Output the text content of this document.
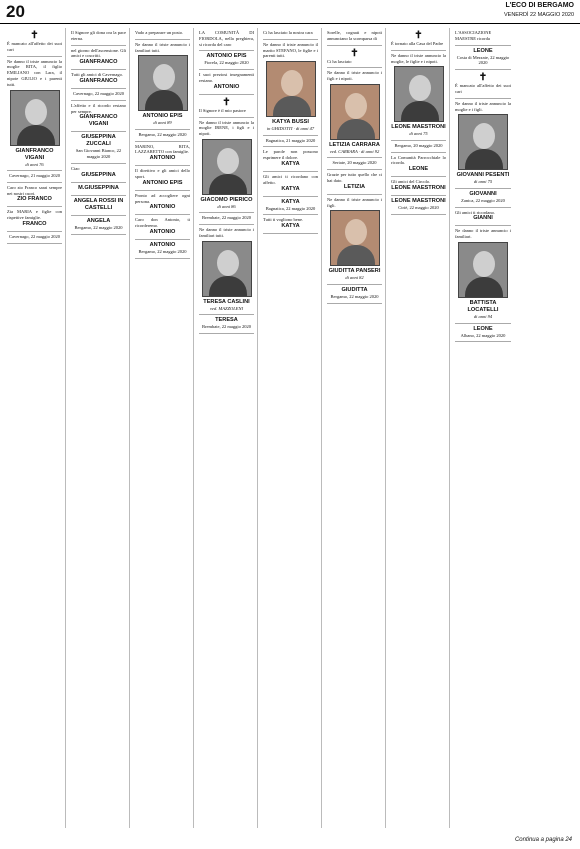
20	L'ECO DI BERGAMO
VENERDÌ 22 MAGGIO 2020
✝
È mancato all'affetto dei suoi cari
Ne danno il triste annuncio la moglie RITA, il figlio EMILIANO con Lara, il nipote GIULIO e i parenti tutti.
GIANFRANCO VIGANI
di anni 76
Cavernago, 21 maggio 2020
Caro zio Franco sarai sempre nei nostri cuori.
ZIO FRANCO
Zia MARIA e figlie con rispettive famiglie.
FRANCO
Cavernago, 22 maggio 2020
Il Signore gli dona ora la pace eterna.
nel giorno dell'ascensione. Gli amici e coscritti.
GIANFRANCO
Tutti gli amici di Cavernago.
GIANFRANCO
Cavernago, 22 maggio 2020
L'affetto e il ricordo restano per sempre.
GIANFRANCO VIGANI
GIUSEPPINA ZUCCALI
San Giovanni Bianco, 22 maggio 2020
Ciao
GIUSEPPINA
M.GIUSEPPINA
ANGELA ROSSI IN CASTELLI
ANGELA
Bergamo, 22 maggio 2020
Vado a preparare un posto.
Ne danno il triste annuncio i familiari tutti.
ANTONIO EPIS
di anni 89
Bergamo, 22 maggio 2020
MARINO, RITA, LAZZARETTO con famiglie.
ANTONIO
Il direttivo e gli amici dello sport.
ANTONIO EPIS
Pronto ad accogliere ogni persona.
ANTONIO
Caro don Antonio, ti ricorderemo.
ANTONIO
ANTONIO
Bergamo, 22 maggio 2020
LA COMUNITÀ DI FIORDOLA, nella preghiera, si ricorda del caro
ANTONIO EPIS
Fiorela, 22 maggio 2020
I suoi preziosi insegnamenti restano.
ANTONIO
✝
Il Signore è il mio pastore
Ne danno il triste annuncio la moglie IRENE, i figli e i nipoti.
GIACOMO PIERICO
di anni 86
Brembate, 22 maggio 2020
Ne danno il triste annuncio i familiari tutti.
TERESA CASLINI
ved. MAZZOLENI
TERESA
Brembate, 22 maggio 2020
Ci ha lasciato la nostra cara
Ne danno il triste annuncio il marito STEFANO, le figlie e i parenti tutti.
KATYA BUSSI
in GHIDOTTI · di anni 47
Bagnatica, 21 maggio 2020
Le parole non possono esprimere il dolore.
KATYA
Gli amici ti ricordano con affetto.
KATYA
KATYA
Bagnatica, 22 maggio 2020
Tutti ti vogliono bene.
KATYA
Sorelle, cognati e nipoti annunciano la scomparsa di
✝
Ci ha lasciato
Ne danno il triste annuncio i figli e i nipoti.
LETIZIA CARRARA
ved. CARRARA · di anni 92
Seriate, 20 maggio 2020
Grazie per tutto quello che ci hai dato.
LETIZIA
Ne danno il triste annuncio i figli.
GIUDITTA PANSERI
di anni 82
GIUDITTA
Bergamo, 22 maggio 2020
✝
È tornato alla Casa del Padre
Ne danno il triste annuncio la moglie, le figlie e i nipoti.
LEONE MAESTRONI
di anni 75
Bergamo, 20 maggio 2020
La Comunità Parrocchiale lo ricorda.
LEONE
Gli amici del Circolo.
LEONE MAESTRONI
LEONE MAESTRONI
Ciriè, 22 maggio 2020
L'ASSOCIAZIONE MAESTRE ricorda
LEONE
Costa di Mezzate, 22 maggio 2020
✝
È mancato all'affetto dei suoi cari
Ne danno il triste annuncio la moglie e i figli.
GIOVANNI PESENTI
di anni 75
GIOVANNI
Zanica, 22 maggio 2020
Gli amici ti ricordano.
GIANNI
Ne danno il triste annuncio i familiari.
BATTISTA LOCATELLI
di anni 94
LEONE
Albano, 22 maggio 2020
Continua a pagina 24
